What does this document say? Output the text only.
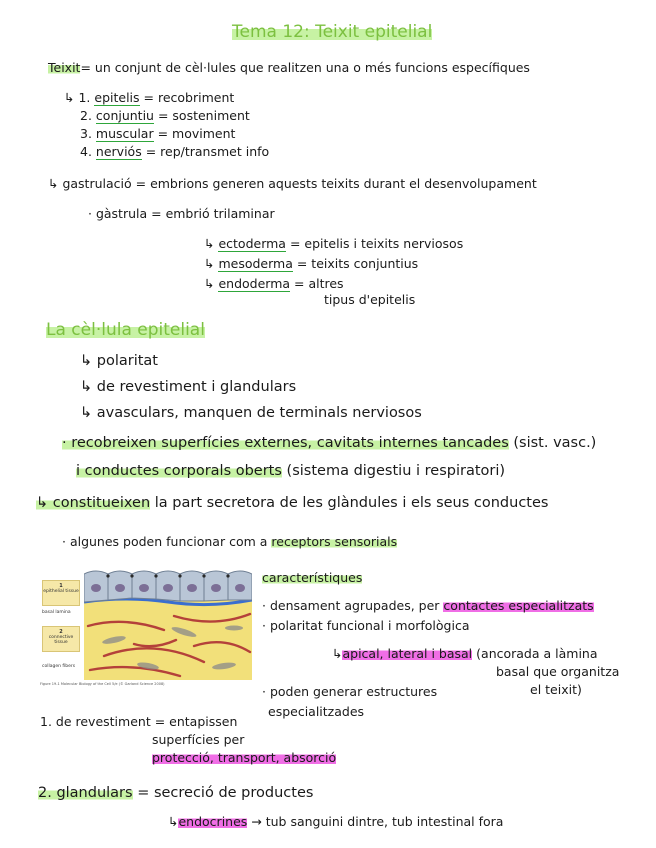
Tema 12: Teixit epitelial
Teixit= un conjunt de cèl·lules que realitzen una o més funcions específiques
↳ 1. epitelis = recobriment
2. conjuntiu = sosteniment
3. muscular = moviment
4. nerviós = rep/transmet info
↳ gastrulació = embrions generen aquests teixits durant el desenvolupament
· gàstrula = embrió trilaminar
↳ ectoderma = epitelis i teixits nerviosos
↳ mesoderma = teixits conjuntius
↳ endoderma = altres
tipus d'epitelis
La cèl·lula epitelial
↳ polaritat
↳ de revestiment i glandulars
↳ avasculars, manquen de terminals nerviosos
· recobreixen superfícies externes, cavitats internes tancades (sist. vasc.)
i conductes corporals oberts (sistema digestiu i respiratori)
↳ constitueixen la part secretora de les glàndules i els seus conductes
· algunes poden funcionar com a receptors sensorials
1
epithelial tissue
basal lamina
2
connective tissue
collagen fibers
Figure 19-1 Molecular Biology of the Cell 5/e (© Garland Science 2008)
característiques
· densament agrupades, per contactes especialitzats
· polaritat funcional i morfològica
↳apical, lateral i basal (ancorada a làmina
basal que organitza
el teixit)
· poden generar estructures
especialitzades
1. de revestiment = entapissen
superfícies per
protecció, transport, absorció
2. glandulars = secreció de productes
↳endocrines → tub sanguini dintre, tub intestinal fora
